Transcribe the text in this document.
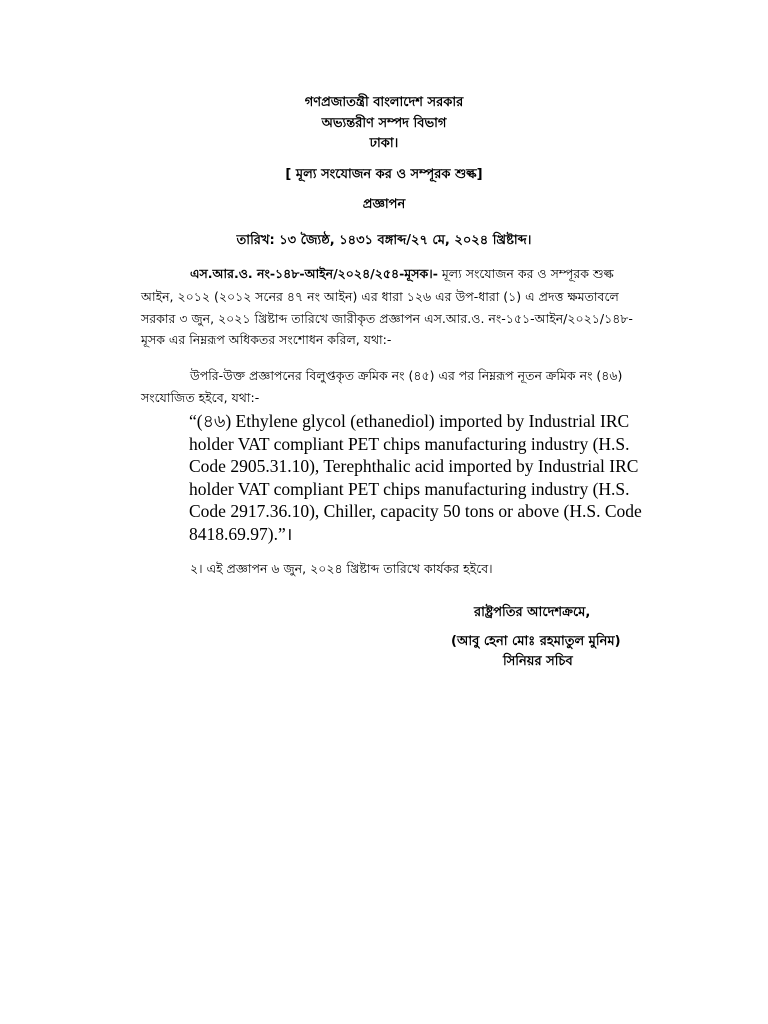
গণপ্রজাতন্ত্রী বাংলাদেশ সরকার
অভ্যন্তরীণ সম্পদ বিভাগ
ঢাকা।
[ মূল্য সংযোজন কর ও সম্পূরক শুল্ক]
প্রজ্ঞাপন
তারিখ: ১৩ জ্যৈষ্ঠ, ১৪৩১ বঙ্গাব্দ/২৭ মে, ২০২৪ খ্রিষ্টাব্দ।
এস.আর.ও. নং-১৪৮-আইন/২০২৪/২৫৪-মূসক।- মূল্য সংযোজন কর ও সম্পূরক শুল্ক
আইন, ২০১২ (২০১২ সনের ৪৭ নং আইন) এর ধারা ১২৬ এর উপ-ধারা (১) এ প্রদত্ত ক্ষমতাবলে
সরকার ৩ জুন, ২০২১ খ্রিষ্টাব্দ তারিখে জারীকৃত প্রজ্ঞাপন এস.আর.ও. নং-১৫১-আইন/২০২১/১৪৮-
মূসক এর নিম্নরূপ অধিকতর সংশোধন করিল, যথা:-
উপরি-উক্ত প্রজ্ঞাপনের বিলুপ্তকৃত ক্রমিক নং (৪৫) এর পর নিম্নরূপ নূতন ক্রমিক নং (৪৬)
সংযোজিত হইবে, যথা:-
“(৪৬) Ethylene glycol (ethanediol) imported by Industrial IRC
holder VAT compliant PET chips manufacturing industry (H.S.
Code 2905.31.10), Terephthalic acid imported by Industrial IRC
holder VAT compliant PET chips manufacturing industry (H.S.
Code 2917.36.10), Chiller, capacity 50 tons or above (H.S. Code
8418.69.97).”।
২। এই প্রজ্ঞাপন ৬ জুন, ২০২৪ খ্রিষ্টাব্দ তারিখে কার্যকর হইবে।
রাষ্ট্রপতির আদেশক্রমে,
(আবু হেনা মোঃ রহমাতুল মুনিম)
সিনিয়র সচিব
